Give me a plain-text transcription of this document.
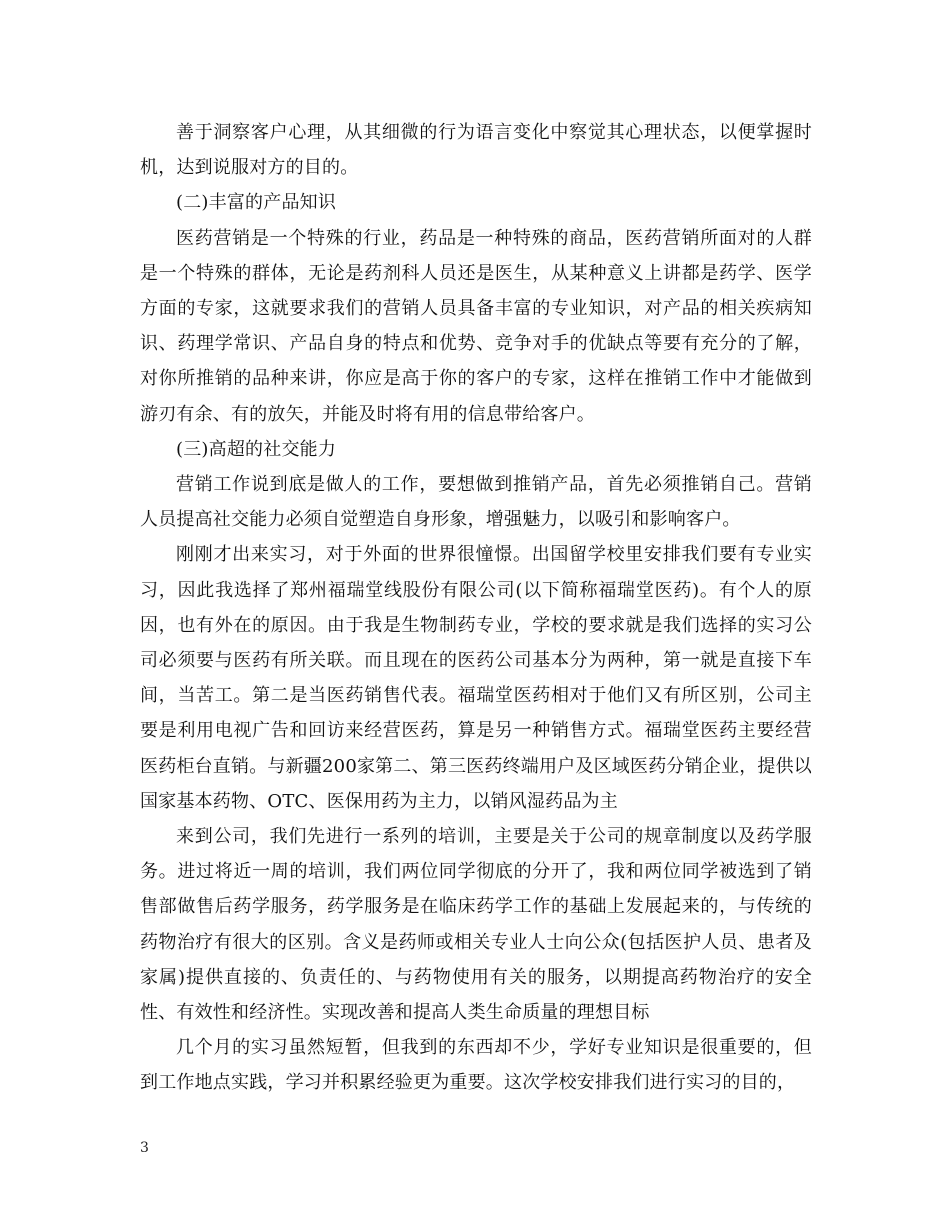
善于洞察客户心理，从其细微的行为语言变化中察觉其心理状态，以便掌握时机，达到说服对方的目的。

(二)丰富的产品知识

医药营销是一个特殊的行业，药品是一种特殊的商品，医药营销所面对的人群是一个特殊的群体，无论是药剂科人员还是医生，从某种意义上讲都是药学、医学方面的专家，这就要求我们的营销人员具备丰富的专业知识，对产品的相关疾病知识、药理学常识、产品自身的特点和优势、竞争对手的优缺点等要有充分的了解，对你所推销的品种来讲，你应是高于你的客户的专家，这样在推销工作中才能做到游刃有余、有的放矢，并能及时将有用的信息带给客户。

(三)高超的社交能力

营销工作说到底是做人的工作，要想做到推销产品，首先必须推销自己。营销人员提高社交能力必须自觉塑造自身形象，增强魅力，以吸引和影响客户。

刚刚才出来实习，对于外面的世界很憧憬。出国留学校里安排我们要有专业实习，因此我选择了郑州福瑞堂线股份有限公司(以下简称福瑞堂医药)。有个人的原因，也有外在的原因。由于我是生物制药专业，学校的要求就是我们选择的实习公司必须要与医药有所关联。而且现在的医药公司基本分为两种，第一就是直接下车间，当苦工。第二是当医药销售代表。福瑞堂医药相对于他们又有所区别，公司主要是利用电视广告和回访来经营医药，算是另一种销售方式。福瑞堂医药主要经营医药柜台直销。与新疆200家第二、第三医药终端用户及区域医药分销企业，提供以国家基本药物、OTC、医保用药为主力，以销风湿药品为主

来到公司，我们先进行一系列的培训，主要是关于公司的规章制度以及药学服务。进过将近一周的培训，我们两位同学彻底的分开了，我和两位同学被选到了销售部做售后药学服务，药学服务是在临床药学工作的基础上发展起来的，与传统的药物治疗有很大的区别。含义是药师或相关专业人士向公众(包括医护人员、患者及家属)提供直接的、负责任的、与药物使用有关的服务，以期提高药物治疗的安全性、有效性和经济性。实现改善和提高人类生命质量的理想目标

几个月的实习虽然短暂，但我到的东西却不少，学好专业知识是很重要的，但到工作地点实践，学习并积累经验更为重要。这次学校安排我们进行实习的目的，

3
